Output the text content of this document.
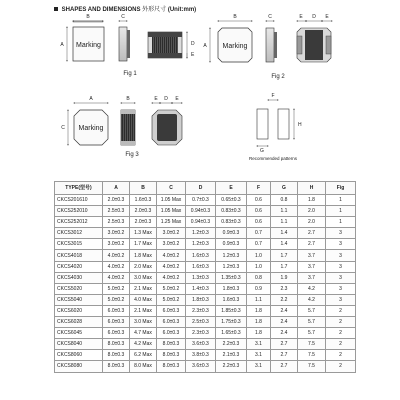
SHAPES AND DIMENSIONS 外形尺寸 (Unit:mm)
B
A Marking
C
D
E
Fig 1
B
A Marking
C	E D E
Fig 2
A
C Marking
B	E D E
Fig 3
F
H
G
Recommended patterns
TYPE(型号)	A	B	C	D	E	F	G	H	Fig
CKCS201610	2.0±0.3	1.6±0.3	1.05 Max	0.7±0.3	0.65±0.3	0.6	0.8	1.8	1
CKCS252010	2.5±0.3	2.0±0.3	1.05 Max	0.94±0.3	0.83±0.3	0.6	1.1	2.0	1
CKCS252012	2.5±0.3	2.0±0.3	1.25 Max	0.94±0.3	0.83±0.3	0.6	1.1	2.0	1
CKCS3012	3.0±0.2	1.3 Max	3.0±0.2	1.2±0.3	0.9±0.3	0.7	1.4	2.7	3
CKCS3015	3.0±0.2	1.7 Max	3.0±0.2	1.2±0.3	0.9±0.3	0.7	1.4	2.7	3
CKCS4018	4.0±0.2	1.8 Max	4.0±0.2	1.6±0.3	1.2±0.3	1.0	1.7	3.7	3
CKCS4020	4.0±0.2	2.0 Max	4.0±0.2	1.6±0.3	1.2±0.3	1.0	1.7	3.7	3
CKCS4030	4.0±0.2	3.0 Max	4.0±0.2	1.3±0.3	1.35±0.3	0.8	1.9	3.7	3
CKCS5020	5.0±0.2	2.1 Max	5.0±0.2	1.4±0.3	1.8±0.3	0.9	2.3	4.2	3
CKCS5040	5.0±0.2	4.0 Max	5.0±0.2	1.8±0.3	1.6±0.3	1.1	2.2	4.2	3
CKCS6020	6.0±0.3	2.1 Max	6.0±0.3	2.3±0.3	1.85±0.3	1.8	2.4	5.7	2
CKCS6028	6.0±0.3	3.0 Max	6.0±0.3	2.5±0.3	1.75±0.3	1.8	2.4	5.7	2
CKCS6045	6.0±0.3	4.7 Max	6.0±0.3	2.3±0.3	1.65±0.3	1.8	2.4	5.7	2
CKCS8040	8.0±0.3	4.2 Max	8.0±0.3	3.6±0.3	2.2±0.3	3.1	2.7	7.5	2
CKCS8060	8.0±0.3	6.2 Max	8.0±0.3	3.8±0.3	2.1±0.3	3.1	2.7	7.5	2
CKCS8080	8.0±0.3	8.0 Max	8.0±0.3	3.6±0.3	2.2±0.3	3.1	2.7	7.5	2
